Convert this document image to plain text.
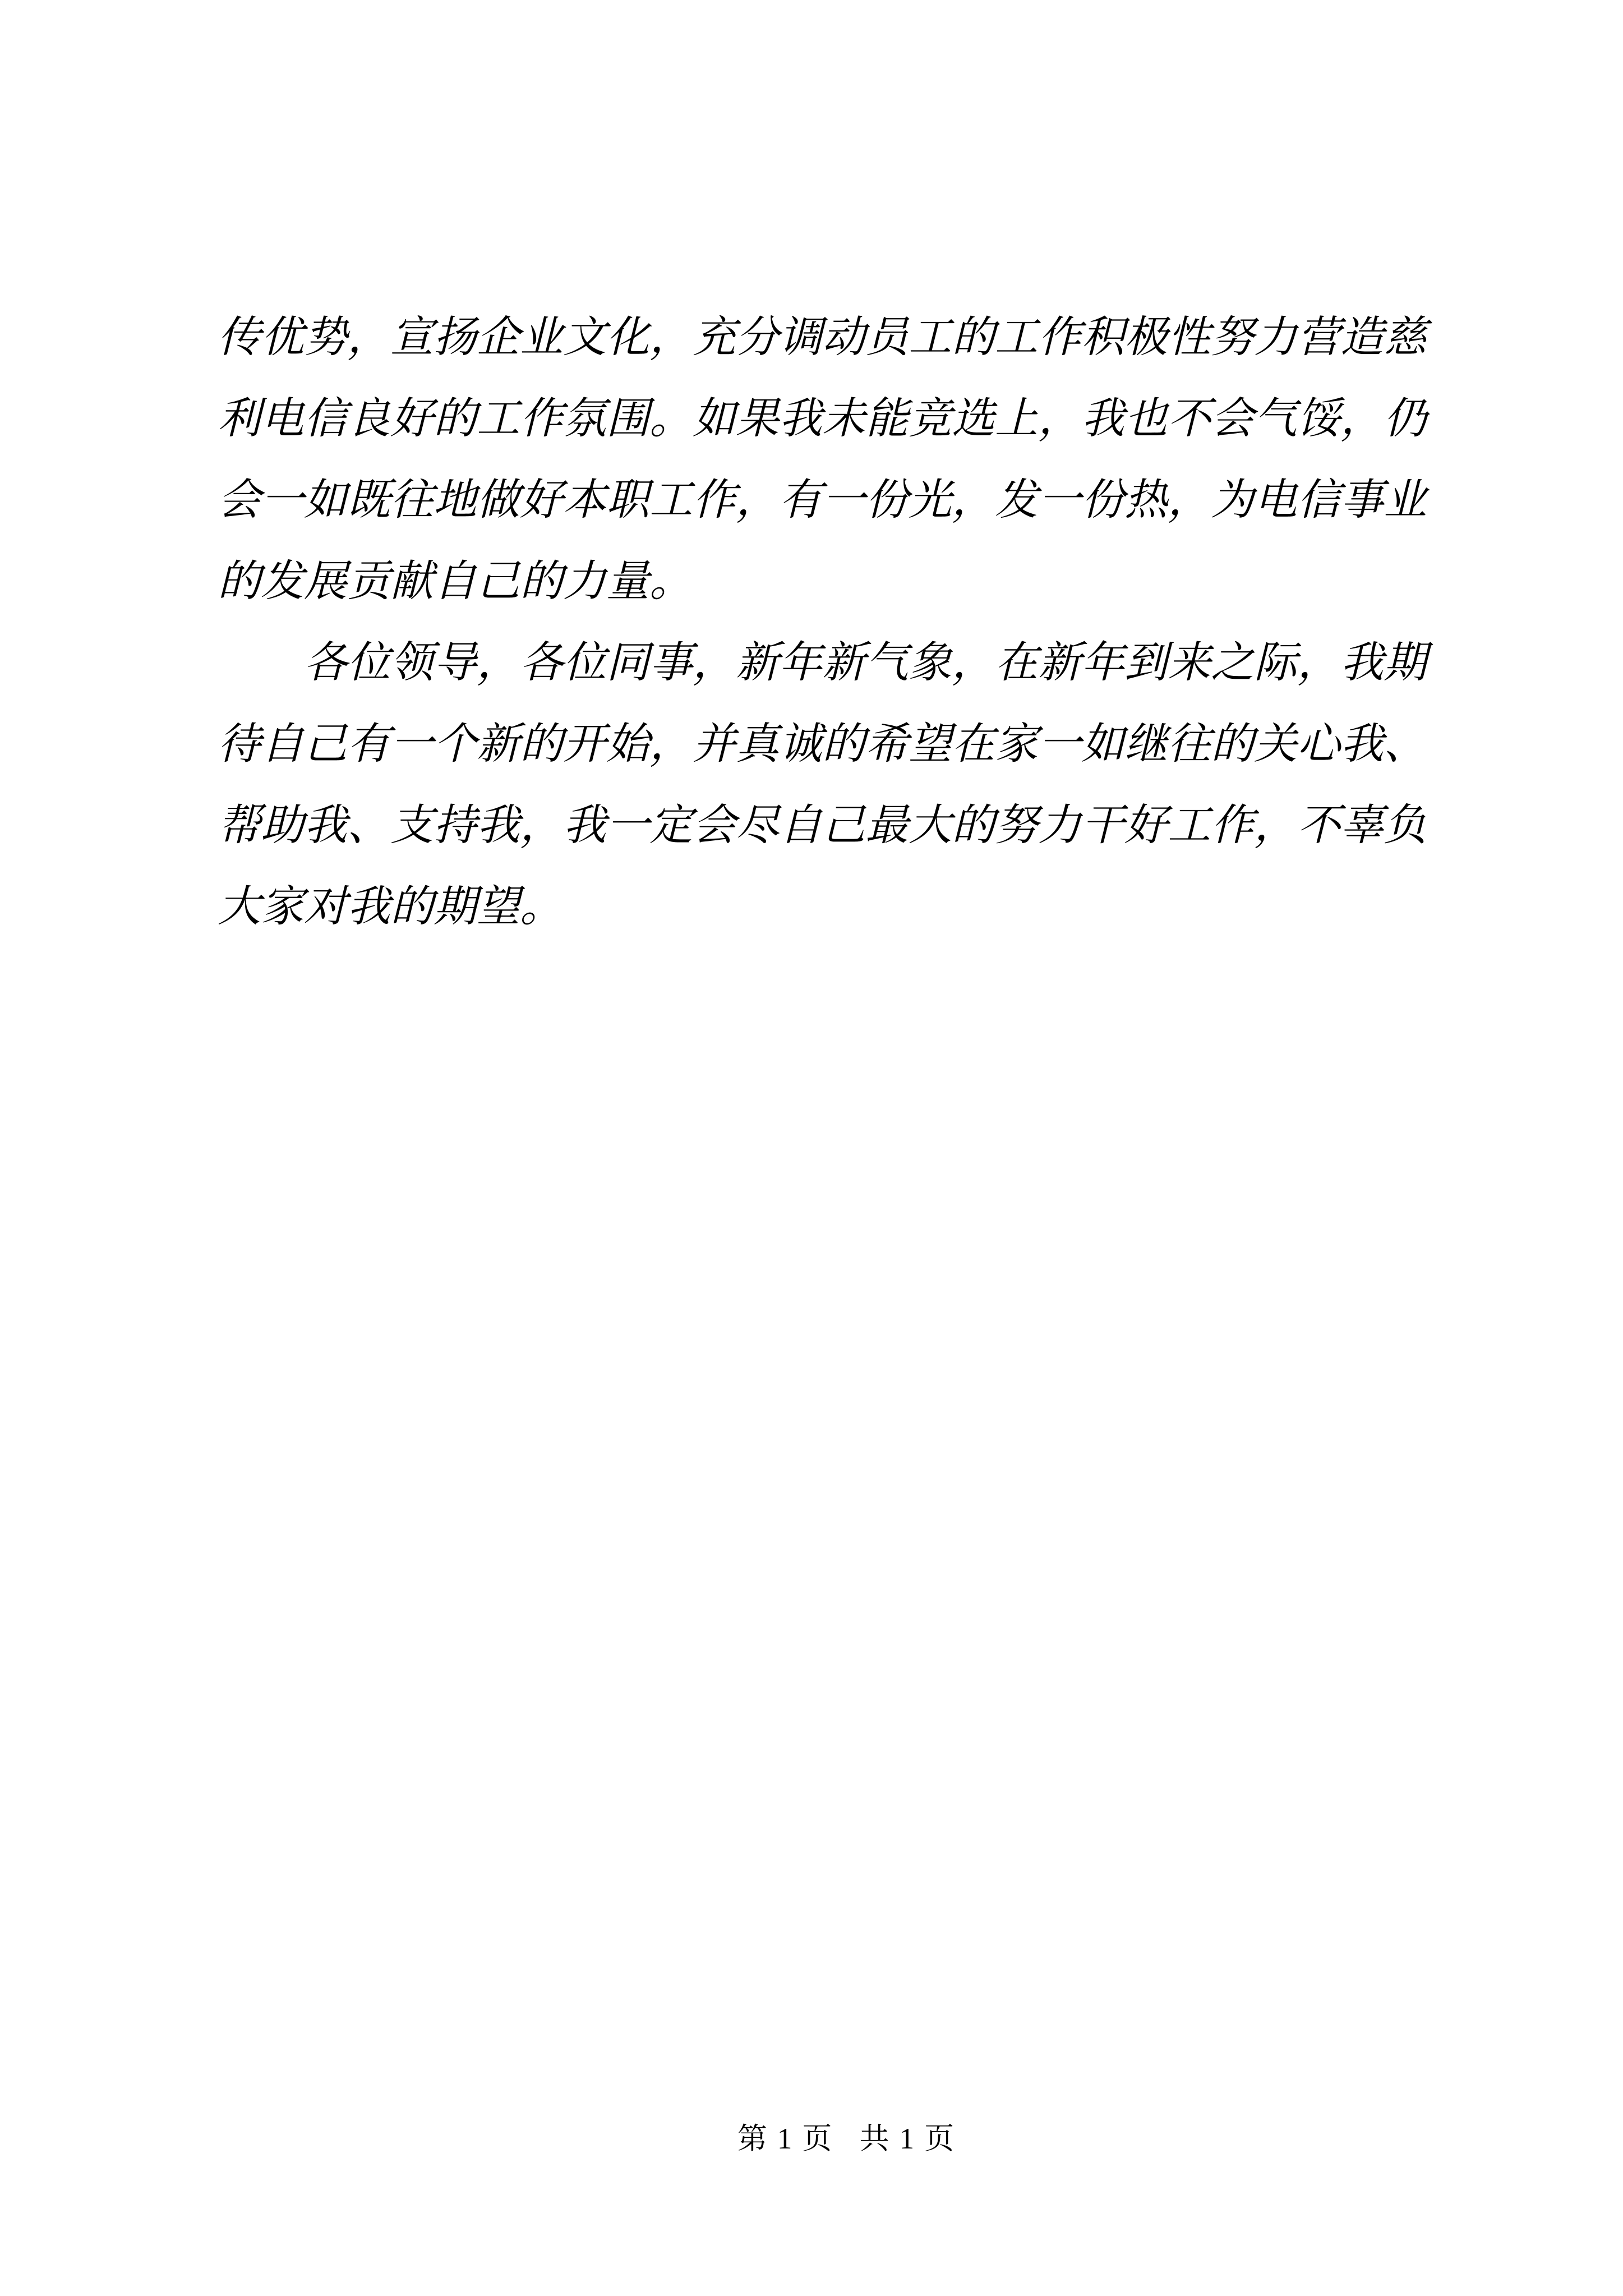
传优势，宣扬企业文化，充分调动员工的工作积极性努力营造慈
利电信良好的工作氛围。如果我未能竞选上，我也不会气馁，仍
会一如既往地做好本职工作，有一份光，发一份热，为电信事业
的发展贡献自己的力量。
各位领导，各位同事，新年新气象，在新年到来之际，我期
待自己有一个新的开始，并真诚的希望在家一如继往的关心我、
帮助我、支持我，我一定会尽自己最大的努力干好工作，不辜负
大家对我的期望。
第1页 共1页
